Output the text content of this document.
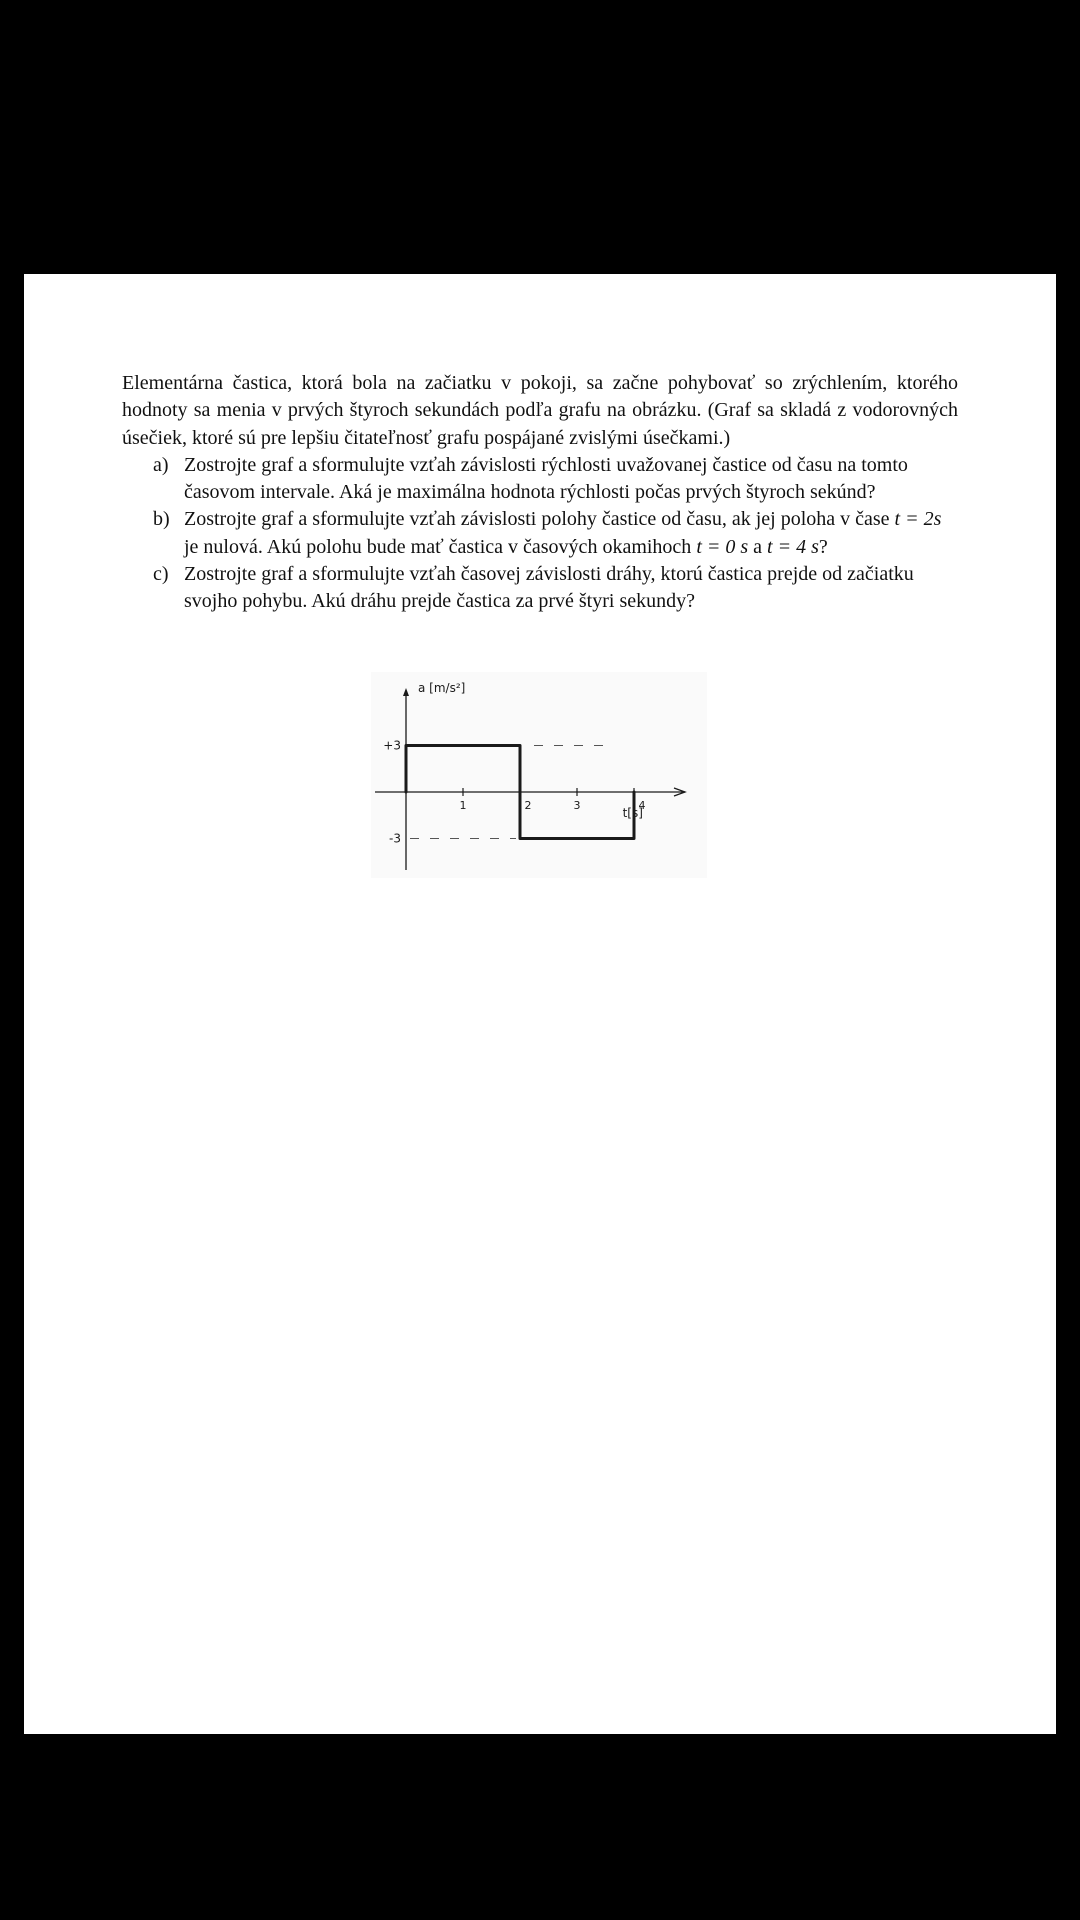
Elementárna častica, ktorá bola na začiatku v pokoji, sa začne pohybovať so zrýchlením, ktorého hodnoty sa menia v prvých štyroch sekundách podľa grafu na obrázku. (Graf sa skladá z vodorovných úsečiek, ktoré sú pre lepšiu čitateľnosť grafu pospájané zvislými úsečkami.)

a) Zostrojte graf a sformulujte vzťah závislosti rýchlosti uvažovanej častice od času na tomto časovom intervale. Aká je maximálna hodnota rýchlosti počas prvých štyroch sekúnd?
b) Zostrojte graf a sformulujte vzťah závislosti polohy častice od času, ak jej poloha v čase t = 2s je nulová. Akú polohu bude mať častica v časových okamihoch t = 0 s a t = 4 s?
c) Zostrojte graf a sformulujte vzťah časovej závislosti dráhy, ktorú častica prejde od začiatku svojho pohybu. Akú dráhu prejde častica za prvé štyri sekundy?
a [m/s²]
t[s]
+3
-3
1	2	3	4
